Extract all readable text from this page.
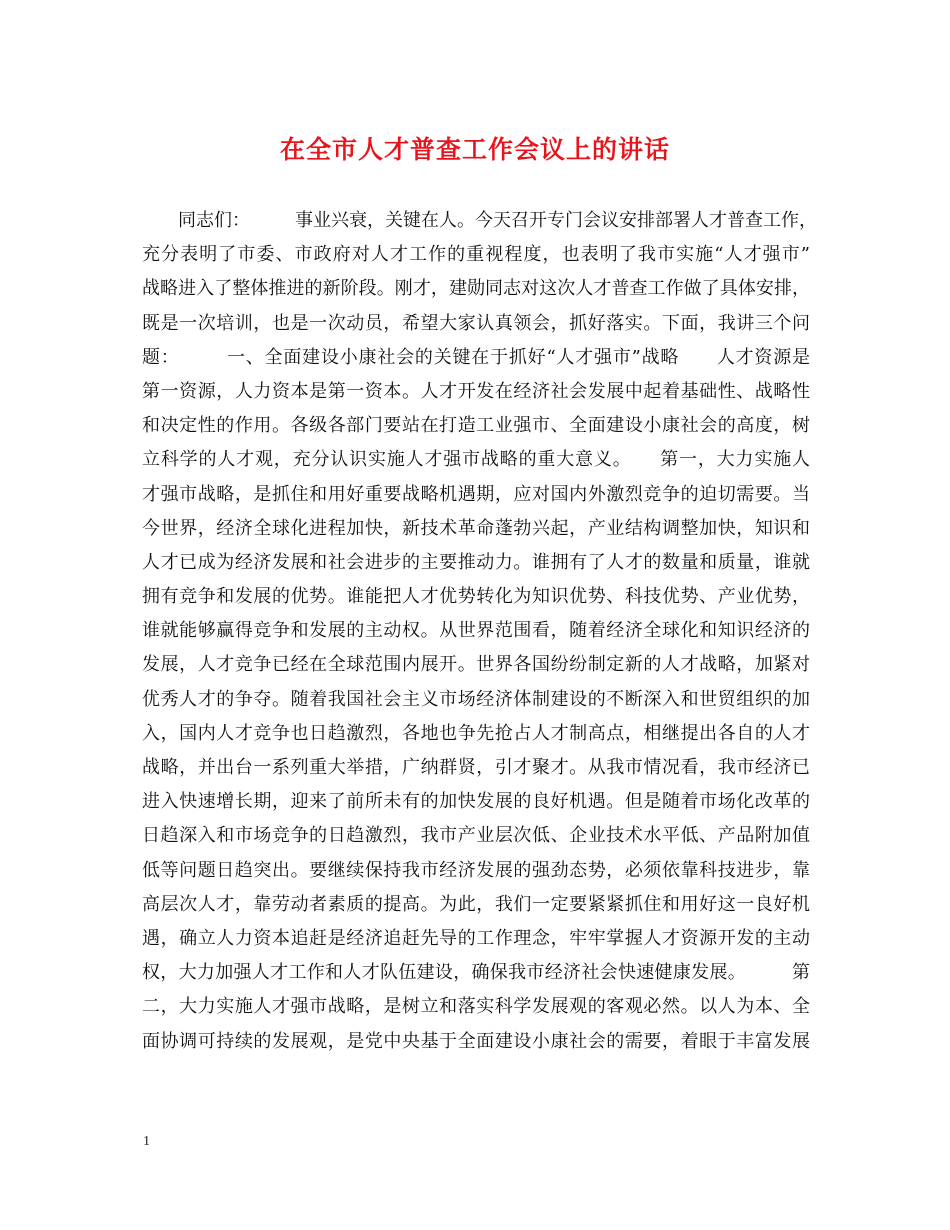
在全市人才普查工作会议上的讲话
同志们：　　　事业兴衰，关键在人。今天召开专门会议安排部署人才普查工作，
充分表明了市委、市政府对人才工作的重视程度，也表明了我市实施“人才强市”
战略进入了整体推进的新阶段。刚才，建勋同志对这次人才普查工作做了具体安排，
既是一次培训，也是一次动员，希望大家认真领会，抓好落实。下面，我讲三个问
题：　　　一、全面建设小康社会的关键在于抓好“人才强市”战略　　人才资源是
第一资源，人力资本是第一资本。人才开发在经济社会发展中起着基础性、战略性
和决定性的作用。各级各部门要站在打造工业强市、全面建设小康社会的高度，树
立科学的人才观，充分认识实施人才强市战略的重大意义。　　第一，大力实施人
才强市战略，是抓住和用好重要战略机遇期，应对国内外激烈竞争的迫切需要。当
今世界，经济全球化进程加快，新技术革命蓬勃兴起，产业结构调整加快，知识和
人才已成为经济发展和社会进步的主要推动力。谁拥有了人才的数量和质量，谁就
拥有竞争和发展的优势。谁能把人才优势转化为知识优势、科技优势、产业优势，
谁就能够赢得竞争和发展的主动权。从世界范围看，随着经济全球化和知识经济的
发展，人才竞争已经在全球范围内展开。世界各国纷纷制定新的人才战略，加紧对
优秀人才的争夺。随着我国社会主义市场经济体制建设的不断深入和世贸组织的加
入，国内人才竞争也日趋激烈，各地也争先抢占人才制高点，相继提出各自的人才
战略，并出台一系列重大举措，广纳群贤，引才聚才。从我市情况看，我市经济已
进入快速增长期，迎来了前所未有的加快发展的良好机遇。但是随着市场化改革的
日趋深入和市场竞争的日趋激烈，我市产业层次低、企业技术水平低、产品附加值
低等问题日趋突出。要继续保持我市经济发展的强劲态势，必须依靠科技进步，靠
高层次人才，靠劳动者素质的提高。为此，我们一定要紧紧抓住和用好这一良好机
遇，确立人力资本追赶是经济追赶先导的工作理念，牢牢掌握人才资源开发的主动
权，大力加强人才工作和人才队伍建设，确保我市经济社会快速健康发展。　　　第
二，大力实施人才强市战略，是树立和落实科学发展观的客观必然。以人为本、全
面协调可持续的发展观，是党中央基于全面建设小康社会的需要，着眼于丰富发展
1
